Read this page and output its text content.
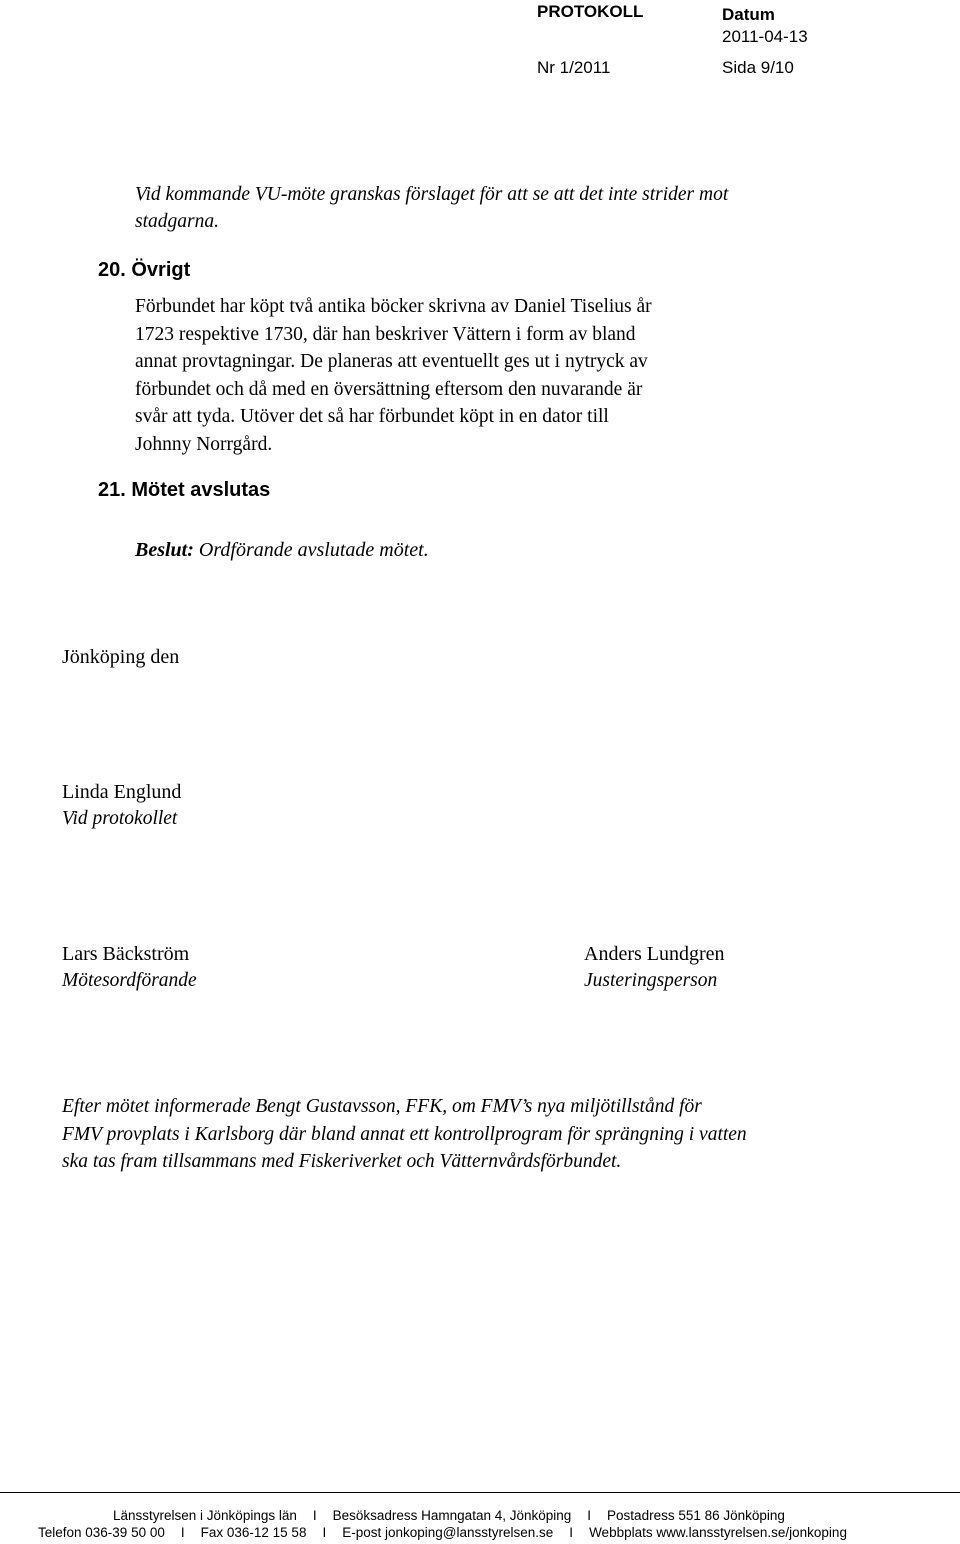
PROTOKOLL	Datum
2011-04-13
Nr 1/2011	Sida 9/10
Vid kommande VU-möte granskas förslaget för att se att det inte strider mot
stadgarna.
20. Övrigt
Förbundet har köpt två antika böcker skrivna av Daniel Tiselius år
1723 respektive 1730, där han beskriver Vättern i form av bland
annat provtagningar. De planeras att eventuellt ges ut i nytryck av
förbundet och då med en översättning eftersom den nuvarande är
svår att tyda. Utöver det så har förbundet köpt in en dator till
Johnny Norrgård.
21. Mötet avslutas
Beslut: Ordförande avslutade mötet.
Jönköping den
Linda Englund
Vid protokollet
Lars Bäckström
Mötesordförande
Anders Lundgren
Justeringsperson
Efter mötet informerade Bengt Gustavsson, FFK, om FMV’s nya miljötillstånd för
FMV provplats i Karlsborg där bland annat ett kontrollprogram för sprängning i vatten
ska tas fram tillsammans med Fiskeriverket och Vätternvårdsförbundet.
Länsstyrelsen i Jönköpings län I Besöksadress Hamngatan 4, Jönköping I Postadress 551 86 Jönköping
Telefon 036-39 50 00 I Fax 036-12 15 58 I E-post jonkoping@lansstyrelsen.se I Webbplats www.lansstyrelsen.se/jonkoping
